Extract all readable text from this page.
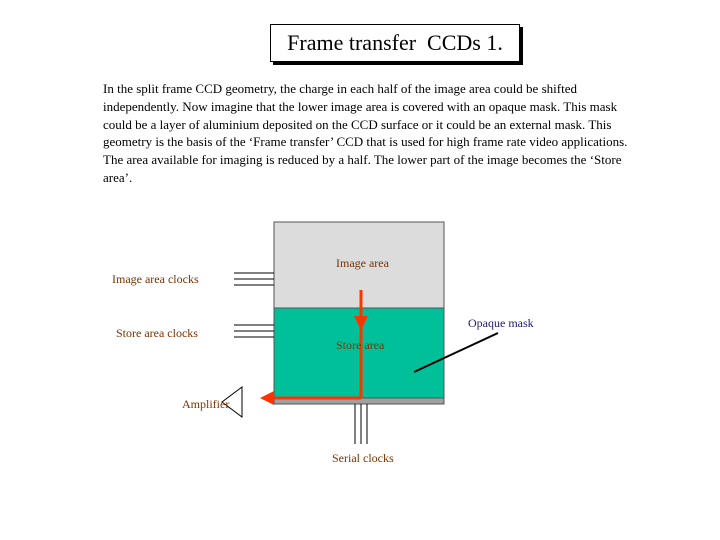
Frame transfer  CCDs 1.
In the split frame CCD geometry, the charge in each half of the image area could be shifted independently. Now imagine that the lower image area is covered with an opaque mask. This mask could be a layer of aluminium deposited on the CCD surface or it could be an external mask. This geometry is the basis of the ‘Frame transfer’ CCD that is used for high frame rate video applications. The area available for imaging is reduced by a half. The lower part of the image becomes the ‘Store area’.
Image area
Image area clocks
Store area clocks
Store area
Opaque mask
Amplifier
Serial clocks
